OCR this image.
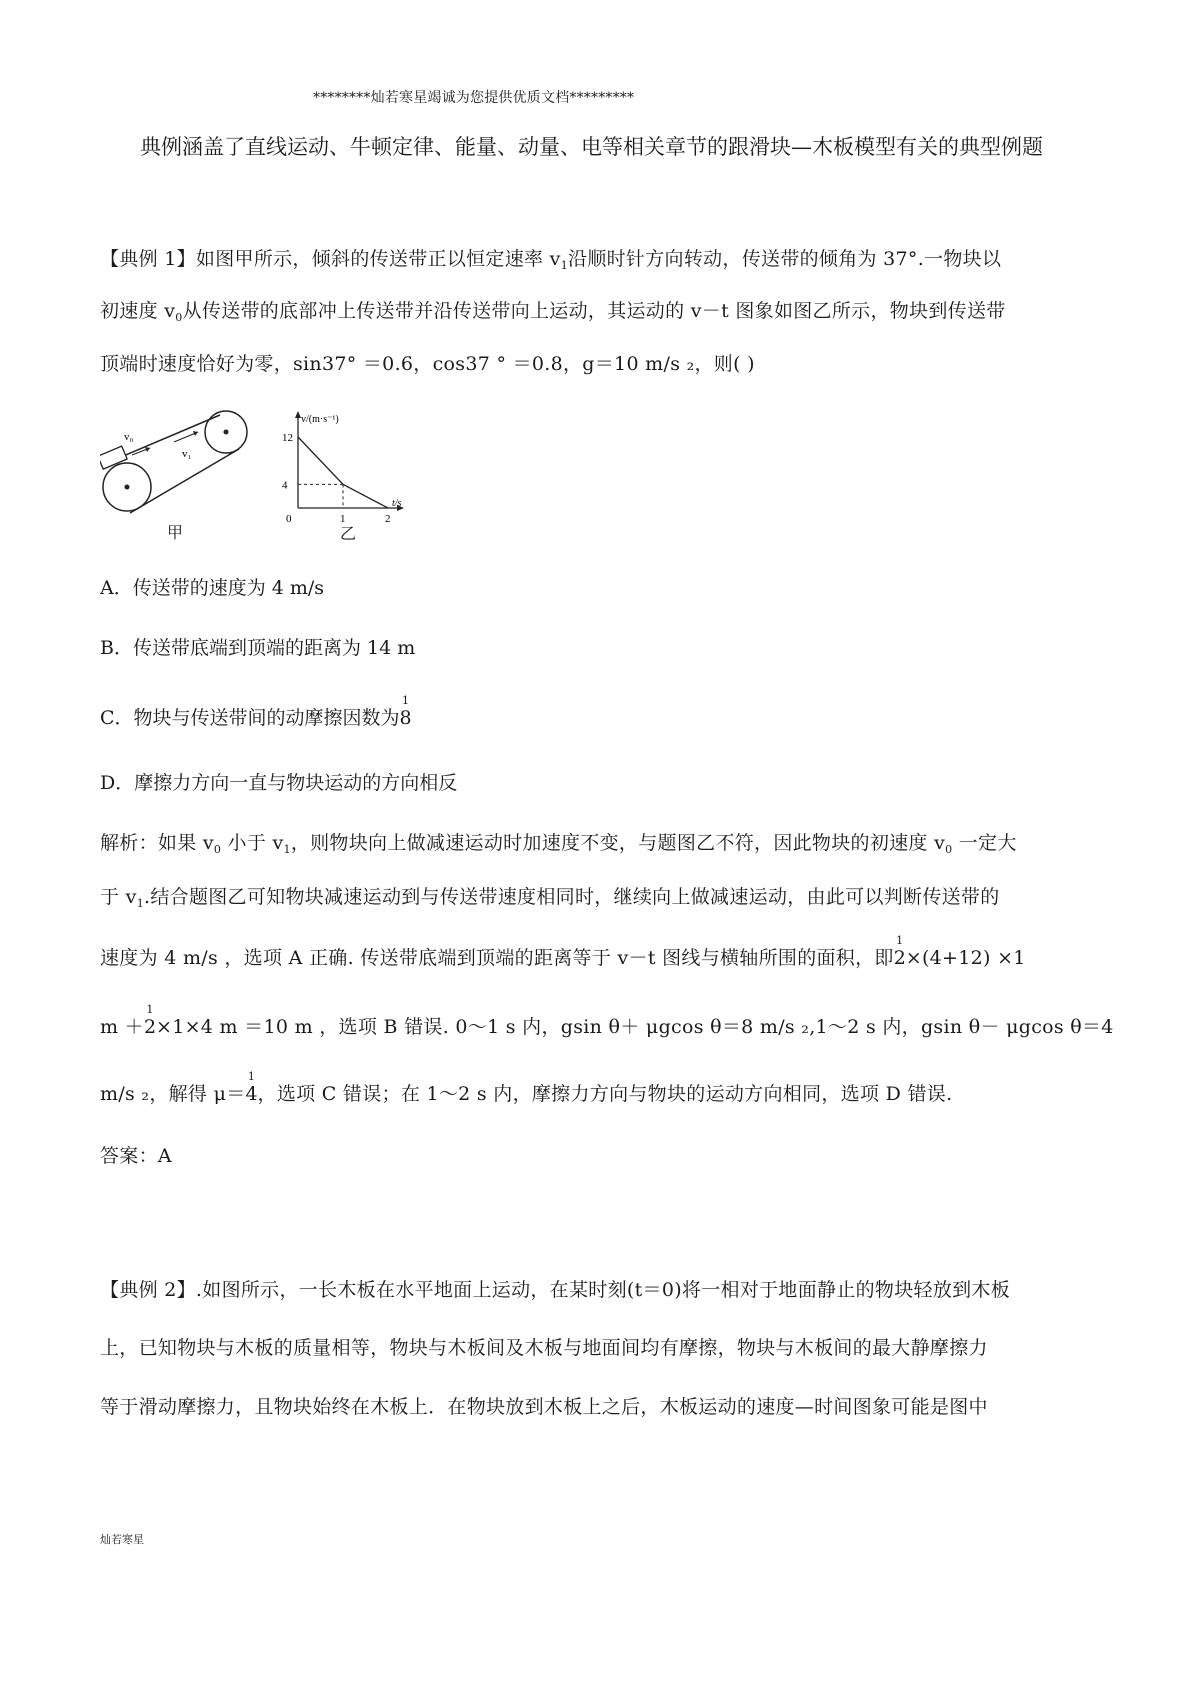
********灿若寒星竭诚为您提供优质文档*********
典例涵盖了直线运动、牛顿定律、能量、动量、电等相关章节的跟滑块—木板模型有关的典型例题
【典例 1】如图甲所示，倾斜的传送带正以恒定速率 $v_1$沿顺时针方向转动，传送带的倾角为 37°.一物块以
初速度 $v_0$从传送带的底部冲上传送带并沿传送带向上运动，其运动的 v－t 图象如图乙所示，物块到传送带
顶端时速度恰好为零，sin37° ＝0.6，cos37 ° ＝0.8，g＝10 m/s ₂，则( )
v₀
v₁
甲
v/(m·s⁻¹)
t/s
4
12
0	1	2
乙
A．传送带的速度为 4 m/s
B．传送带底端到顶端的距离为 14 m
C．物块与传送带间的动摩擦因数为
1
8
D．摩擦力方向一直与物块运动的方向相反
解析：如果 $v_0$ 小于 $v_1$，则物块向上做减速运动时加速度不变，与题图乙不符，因此物块的初速度 $v_0$ 一定大
于 $v_1$.结合题图乙可知物块减速运动到与传送带速度相同时，继续向上做减速运动，由此可以判断传送带的
速度为 4 m/s ，选项 A 正确. 传送带底端到顶端的距离等于 v－t 图线与横轴所围的面积，即
1
2×(4+12) ×1
m ＋
1
2×1×4 m ＝10 m ，选项 B 错误. 0～1 s 内，gsin θ＋ μgcos θ＝8 m/s ₂,1～2 s 内，gsin θ－ μgcos θ＝4
m/s ₂，解得 μ＝
1
4，选项 C 错误；在 1～2 s 内，摩擦力方向与物块的运动方向相同，选项 D 错误.
答案：A
【典例 2】.如图所示，一长木板在水平地面上运动，在某时刻(t＝0)将一相对于地面静止的物块轻放到木板
上，已知物块与木板的质量相等，物块与木板间及木板与地面间均有摩擦，物块与木板间的最大静摩擦力
等于滑动摩擦力，且物块始终在木板上．在物块放到木板上之后，木板运动的速度—时间图象可能是图中
灿若寒星
